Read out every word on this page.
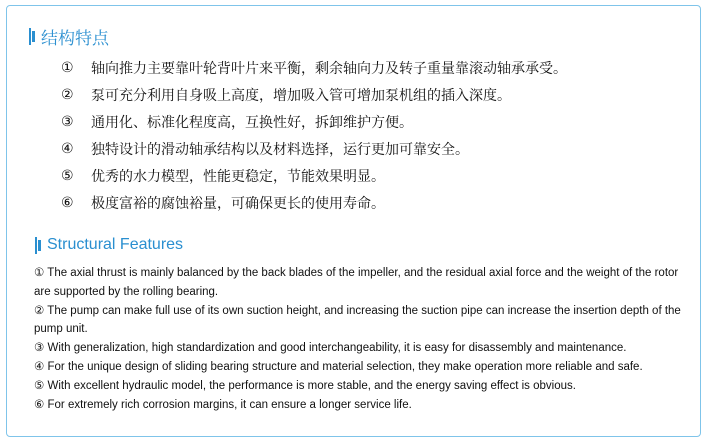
结构特点
①	轴向推力主要靠叶轮背叶片来平衡，剩余轴向力及转子重量靠滚动轴承承受。
②	泵可充分利用自身吸上高度，增加吸入管可增加泵机组的插入深度。
③	通用化、标准化程度高，互换性好，拆卸维护方便。
④	独特设计的滑动轴承结构以及材料选择，运行更加可靠安全。
⑤	优秀的水力模型，性能更稳定，节能效果明显。
⑥	极度富裕的腐蚀裕量，可确保更长的使用寿命。
Structural Features

① The axial thrust is mainly balanced by the back blades of the impeller, and the residual axial force and the weight of the rotor are supported by the rolling bearing.

② The pump can make full use of its own suction height, and increasing the suction pipe can increase the insertion depth of the pump unit.

③ With generalization, high standardization and good interchangeability, it is easy for disassembly and maintenance.

④ For the unique design of sliding bearing structure and material selection, they make operation more reliable and safe.

⑤ With excellent hydraulic model, the performance is more stable, and the energy saving effect is obvious.

⑥ For extremely rich corrosion margins, it can ensure a longer service life.
